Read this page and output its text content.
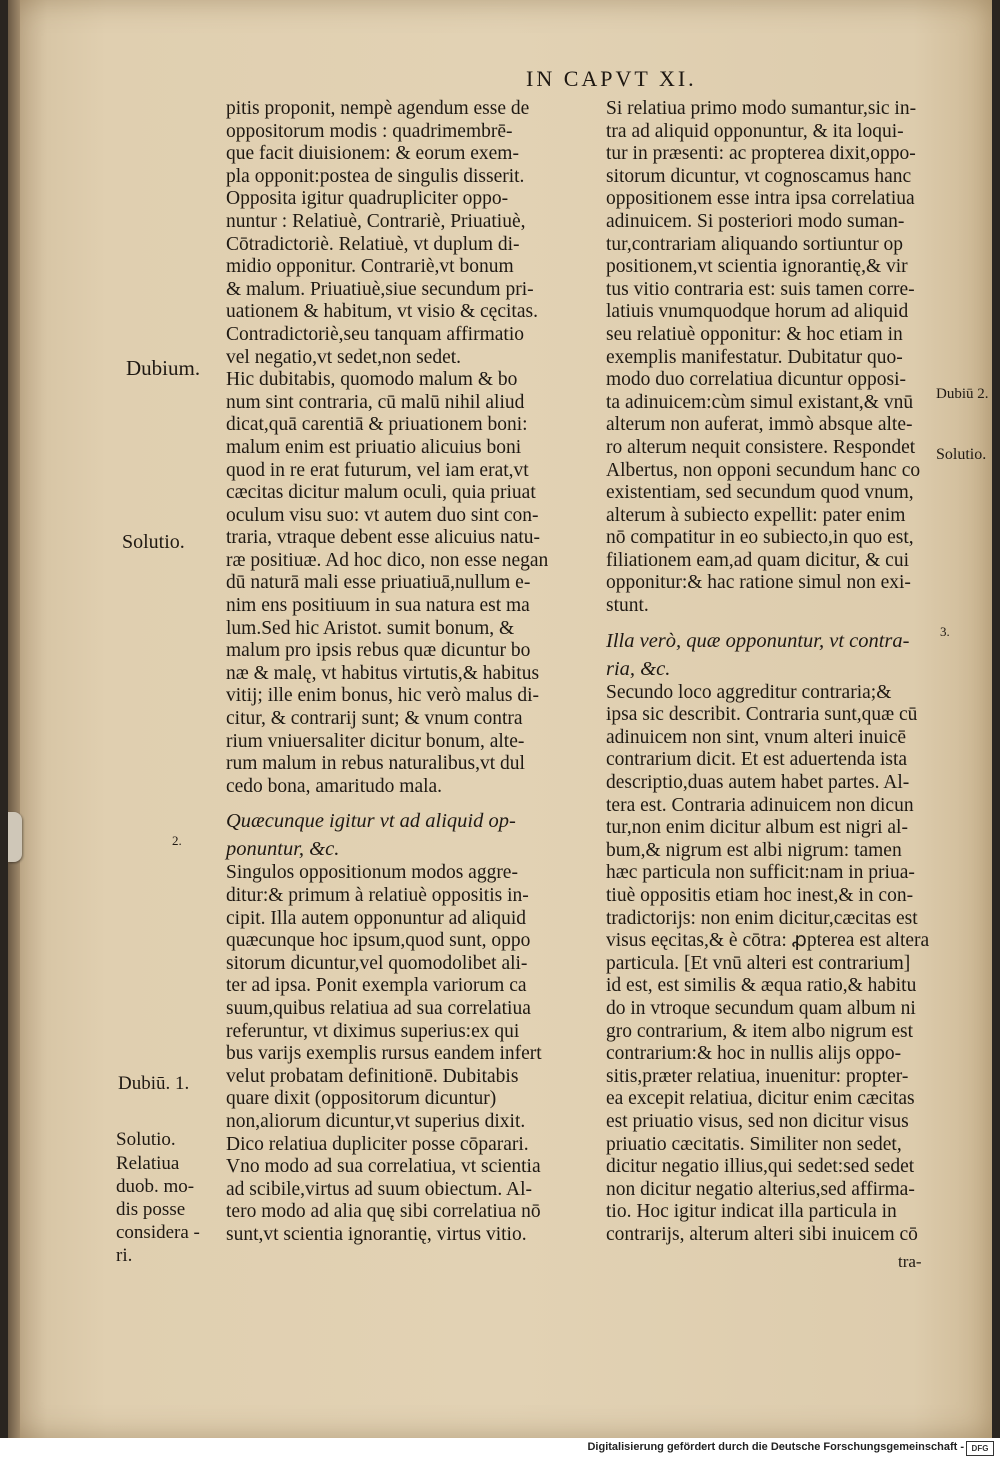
IN CAPVT XI.
pitis proponit, nempè agendum esse de
oppositorum modis : quadrimembrē-
que facit diuisionem: & eorum exem-
pla opponit:postea de singulis disserit.
Opposita igitur quadrupliciter oppo-
nuntur : Relatiuè, Contrariè, Priuatiuè,
Cōtradictoriè. Relatiuè, vt duplum di-
midio opponitur. Contrariè,vt bonum
& malum. Priuatiuè,siue secundum pri-
uationem & habitum, vt visio & cęcitas.
Contradictoriè,seu tanquam affirmatio
vel negatio,vt sedet,non sedet.
Hic dubitabis, quomodo malum & bo
num sint contraria, cū malū nihil aliud
dicat,quā carentiā & priuationem boni:
malum enim est priuatio alicuius boni
quod in re erat futurum, vel iam erat,vt
cæcitas dicitur malum oculi, quia priuat
oculum visu suo: vt autem duo sint con-
traria, vtraque debent esse alicuius natu-
ræ positiuæ. Ad hoc dico, non esse negan
dū naturā mali esse priuatiuā,nullum e-
nim ens positiuum in sua natura est ma
lum.Sed hic Aristot. sumit bonum, &
malum pro ipsis rebus quæ dicuntur bo
næ & malę, vt habitus virtutis,& habitus
vitij; ille enim bonus, hic verò malus di-
citur, & contrarij sunt; & vnum contra
rium vniuersaliter dicitur bonum, alte-
rum malum in rebus naturalibus,vt dul
cedo bona, amaritudo mala.
Quæcunque igitur vt ad aliquid op-
ponuntur, &c.
Singulos oppositionum modos aggre-
ditur:& primum à relatiuè oppositis in-
cipit. Illa autem opponuntur ad aliquid
quæcunque hoc ipsum,quod sunt, oppo
sitorum dicuntur,vel quomodolibet ali-
ter ad ipsa. Ponit exempla variorum ca
suum,quibus relatiua ad sua correlatiua
referuntur, vt diximus superius:ex qui
bus varijs exemplis rursus eandem infert
velut probatam definitionē. Dubitabis
quare dixit (oppositorum dicuntur)
non,aliorum dicuntur,vt superius dixit.
Dico relatiua dupliciter posse cōparari.
Vno modo ad sua correlatiua, vt scientia
ad scibile,virtus ad suum obiectum. Al-
tero modo ad alia quę sibi correlatiua nō
sunt,vt scientia ignorantię, virtus vitio.
Si relatiua primo modo sumantur,sic in-
tra ad aliquid opponuntur, & ita loqui-
tur in præsenti: ac propterea dixit,oppo-
sitorum dicuntur, vt cognoscamus hanc
oppositionem esse intra ipsa correlatiua
adinuicem. Si posteriori modo suman-
tur,contrariam aliquando sortiuntur op
positionem,vt scientia ignorantię,& vir
tus vitio contraria est: suis tamen corre-
latiuis vnumquodque horum ad aliquid
seu relatiuè opponitur: & hoc etiam in
exemplis manifestatur. Dubitatur quo-
modo duo correlatiua dicuntur opposi-
ta adinuicem:cùm simul existant,& vnū
alterum non auferat, immò absque alte-
ro alterum nequit consistere. Respondet
Albertus, non opponi secundum hanc co
existentiam, sed secundum quod vnum,
alterum à subiecto expellit: pater enim
nō compatitur in eo subiecto,in quo est,
filiationem eam,ad quam dicitur, & cui
opponitur:& hac ratione simul non exi-
stunt.
Illa verò, quæ opponuntur, vt contra-
ria, &c.
Secundo loco aggreditur contraria;&
ipsa sic describit. Contraria sunt,quæ cū
adinuicem non sint, vnum alteri inuicē
contrarium dicit. Et est aduertenda ista
descriptio,duas autem habet partes. Al-
tera est. Contraria adinuicem non dicun
tur,non enim dicitur album est nigri al-
bum,& nigrum est albi nigrum: tamen
hæc particula non sufficit:nam in priua-
tiuè oppositis etiam hoc inest,& in con-
tradictorijs: non enim dicitur,cæcitas est
visus eęcitas,& è cōtra: ꝓpterea est altera
particula. [Et vnū alteri est contrarium]
id est, est similis & æqua ratio,& habitu
do in vtroque secundum quam album ni
gro contrarium, & item albo nigrum est
contrarium:& hoc in nullis alijs oppo-
sitis,præter relatiua, inuenitur: propter-
ea excepit relatiua, dicitur enim cæcitas
est priuatio visus, sed non dicitur visus
priuatio cæcitatis. Similiter non sedet,
dicitur negatio illius,qui sedet:sed sedet
non dicitur negatio alterius,sed affirma-
tio. Hoc igitur indicat illa particula in
contrarijs, alterum alteri sibi inuicem cō
Dubium.
Solutio.
2.
Dubiū. 1.
Solutio.
Relatiua
duob. mo-
dis posse
considera -
ri.
Dubiū 2.
Solutio.
3.
tra-
Digitalisierung gefördert durch die Deutsche Forschungsgemeinschaft - DFG
